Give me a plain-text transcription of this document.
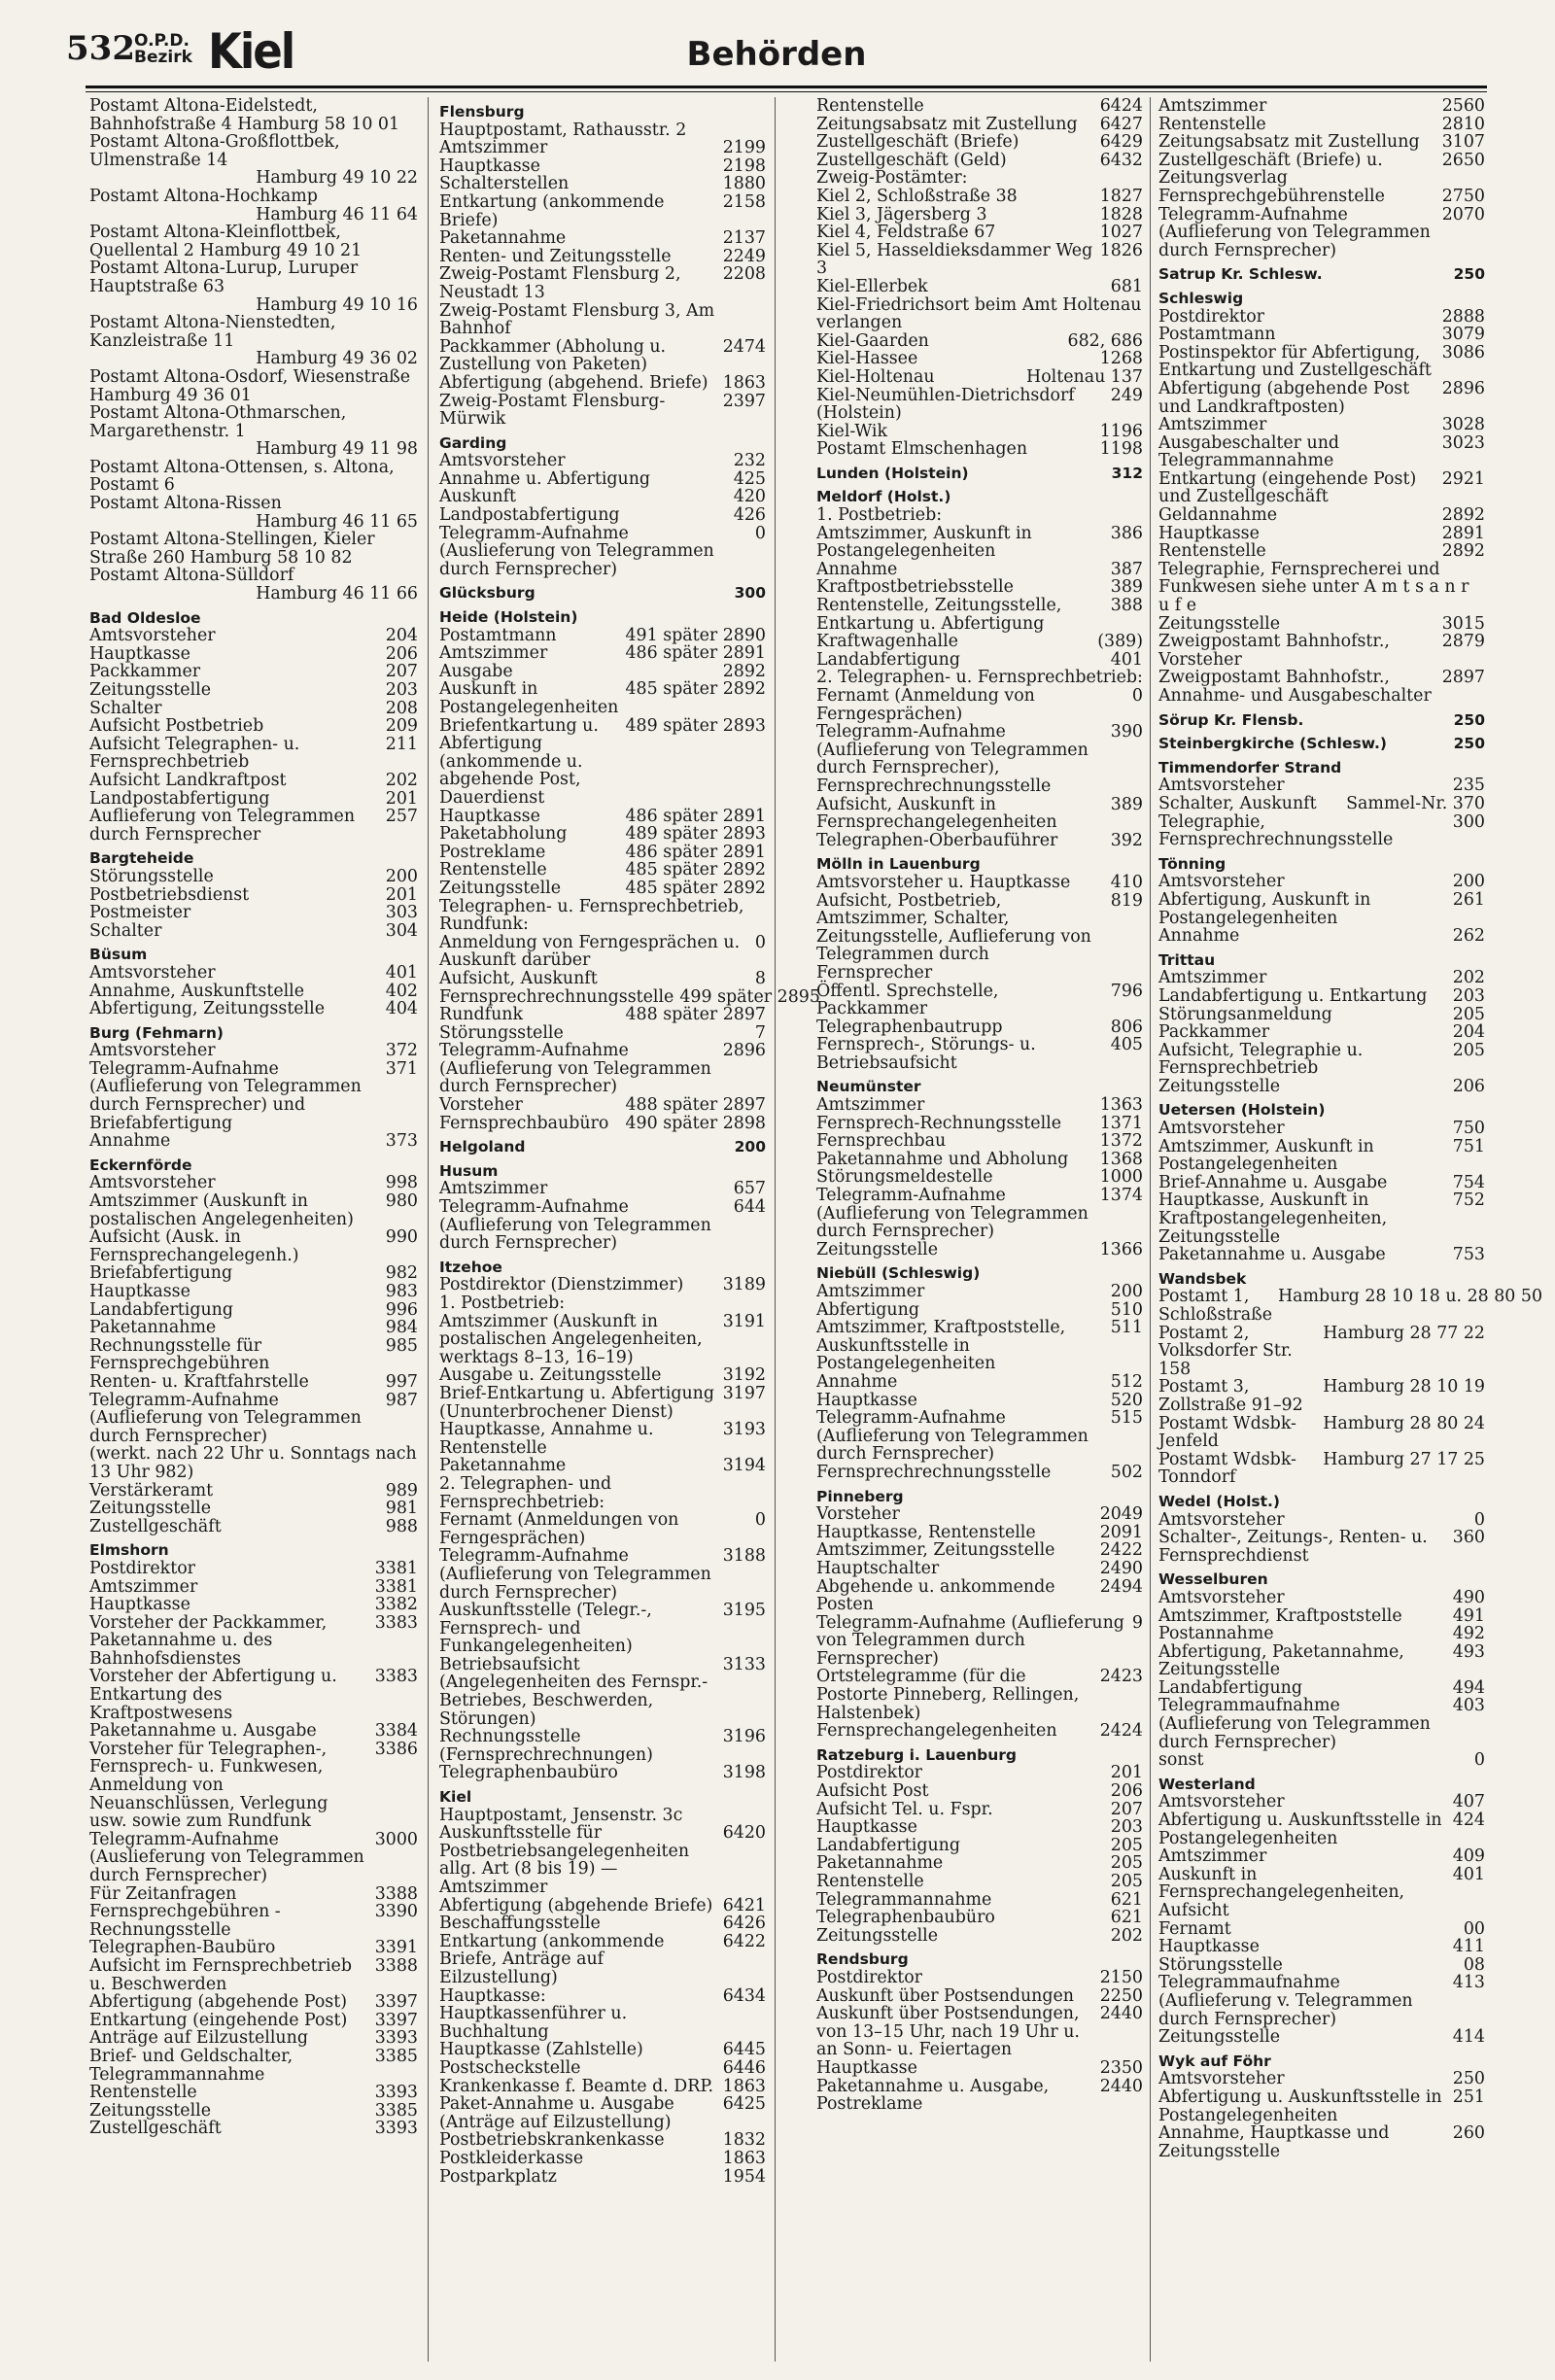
532 O.P.D.
Bezirk Kiel	Behörden
Postamt Altona-Eidelstedt, Bahnhofstraße 4 Hamburg 58 10 01
Postamt Altona-Großflottbek, Ulmenstraße 14
Hamburg 49 10 22
Postamt Altona-Hochkamp
Hamburg 46 11 64
Postamt Altona-Kleinflottbek, Quellental 2 Hamburg 49 10 21
Postamt Altona-Lurup, Luruper Hauptstraße 63
Hamburg 49 10 16
Postamt Altona-Nienstedten, Kanzleistraße 11
Hamburg 49 36 02
Postamt Altona-Osdorf, Wiesenstraße Hamburg 49 36 01
Postamt Altona-Othmarschen, Margarethenstr. 1
Hamburg 49 11 98
Postamt Altona-Ottensen, s. Altona, Postamt 6
Postamt Altona-Rissen
Hamburg 46 11 65
Postamt Altona-Stellingen, Kieler Straße 260 Hamburg 58 10 82
Postamt Altona-Sülldorf
Hamburg 46 11 66
Bad Oldesloe
Amtsvorsteher	204
Hauptkasse	206
Packkammer	207
Zeitungsstelle	203
Schalter	208
Aufsicht Postbetrieb	209
Aufsicht Telegraphen- u. Fernsprechbetrieb
211
Aufsicht Landkraftpost	202
Landpostabfertigung	201
Auflieferung von Telegrammen durch Fernsprecher
257
Bargteheide
Störungsstelle	200
Postbetriebsdienst	201
Postmeister	303
Schalter	304
Büsum
Amtsvorsteher	401
Annahme, Auskunftstelle	402
Abfertigung, Zeitungsstelle	404
Burg (Fehmarn)
Amtsvorsteher	372
Telegramm-Aufnahme (Auflieferung von Telegrammen durch Fernsprecher) und Briefabfertigung
371
Annahme	373
Eckernförde
Amtsvorsteher	998
Amtszimmer (Auskunft in postalischen Angelegenheiten)
980
Aufsicht (Ausk. in Fernsprechangelegenh.)
990
Briefabfertigung	982
Hauptkasse	983
Landabfertigung	996
Paketannahme	984
Rechnungsstelle für Fernsprechgebühren
985
Renten- u. Kraftfahrstelle	997
Telegramm-Aufnahme (Auflieferung von Telegrammen durch Fernsprecher)
987
(werkt. nach 22 Uhr u. Sonntags nach 13 Uhr 982)
Verstärkeramt	989
Zeitungsstelle	981
Zustellgeschäft	988
Elmshorn
Postdirektor	3381
Amtszimmer	3381
Hauptkasse	3382
Vorsteher der Packkammer, Paketannahme u. des Bahnhofsdienstes
3383
Vorsteher der Abfertigung u. Entkartung des Kraftpostwesens
3383
Paketannahme u. Ausgabe	3384
Vorsteher für Telegraphen-, Fernsprech- u. Funkwesen, Anmeldung von Neuanschlüssen, Verlegung usw. sowie zum Rundfunk
3386
Telegramm-Aufnahme (Auslieferung von Telegrammen durch Fernsprecher)
3000
Für Zeitanfragen	3388
Fernsprechgebühren - Rechnungsstelle
3390
Telegraphen-Baubüro	3391
Aufsicht im Fernsprechbetrieb u. Beschwerden
3388
Abfertigung (abgehende Post)	3397
Entkartung (eingehende Post)	3397
Anträge auf Eilzustellung	3393
Brief- und Geldschalter, Telegrammannahme
3385
Rentenstelle	3393
Zeitungsstelle	3385
Zustellgeschäft	3393
Flensburg
Hauptpostamt, Rathausstr. 2
Amtszimmer	2199
Hauptkasse	2198
Schalterstellen	1880
Entkartung (ankommende Briefe)
2158
Paketannahme	2137
Renten- und Zeitungsstelle	2249
Zweig-Postamt Flensburg 2, Neustadt 13
2208
Zweig-Postamt Flensburg 3, Am Bahnhof
Packkammer (Abholung u. Zustellung von Paketen)
2474
Abfertigung (abgehend. Briefe) 1863
Zweig-Postamt Flensburg-Mürwik
2397
Garding
Amtsvorsteher	232
Annahme u. Abfertigung	425
Auskunft	420
Landpostabfertigung	426
Telegramm-Aufnahme (Auslieferung von Telegrammen durch Fernsprecher)
0
Glücksburg	300
Heide (Holstein)
Postamtmann	491 später 2890
Amtszimmer	486 später 2891
Ausgabe	2892
Auskunft in Postangelegenheiten
485 später 2892
Briefentkartung u. Abfertigung (ankommende u. abgehende Post, Dauerdienst
489 später 2893
Hauptkasse	486 später 2891
Paketabholung	489 später 2893
Postreklame	486 später 2891
Rentenstelle	485 später 2892
Zeitungsstelle	485 später 2892
Telegraphen- u. Fernsprechbetrieb, Rundfunk:
Anmeldung von Ferngesprächen u. Auskunft darüber
0
Aufsicht, Auskunft	8
Fernsprechrechnungsstelle 499 später 2895
Rundfunk	488 später 2897
Störungsstelle	7
Telegramm-Aufnahme (Auflieferung von Telegrammen durch Fernsprecher)
2896
Vorsteher	488 später 2897
Fernsprechbaubüro 490 später 2898
Helgoland	200
Husum
Amtszimmer	657
Telegramm-Aufnahme (Auflieferung von Telegrammen durch Fernsprecher)
644
Itzehoe
Postdirektor (Dienstzimmer)	3189
1. Postbetrieb:
Amtszimmer (Auskunft in postalischen Angelegenheiten, werktags 8–13, 16–19)
3191
Ausgabe u. Zeitungsstelle	3192
Brief-Entkartung u. Abfertigung (Ununterbrochener Dienst)
3197
Hauptkasse, Annahme u. Rentenstelle
3193
Paketannahme	3194
2. Telegraphen- und Fernsprechbetrieb:
Fernamt (Anmeldungen von Ferngesprächen)
0
Telegramm-Aufnahme (Auflieferung von Telegrammen durch Fernsprecher)
3188
Auskunftsstelle (Telegr.-, Fernsprech- und Funkangelegenheiten)
3195
Betriebsaufsicht (Angelegenheiten des Fernspr.-Betriebes, Beschwerden, Störungen)
3133
Rechnungsstelle (Fernsprechrechnungen)
3196
Telegraphenbaubüro	3198
Kiel
Hauptpostamt, Jensenstr. 3c
Auskunftsstelle für Postbetriebsangelegenheiten allg. Art (8 bis 19) — Amtszimmer
6420
Abfertigung (abgehende Briefe) 6421
Beschaffungsstelle	6426
Entkartung (ankommende Briefe, Anträge auf Eilzustellung)
6422
Hauptkasse: Hauptkassenführer u. Buchhaltung
6434
Hauptkasse (Zahlstelle)	6445
Postscheckstelle	6446
Krankenkasse f. Beamte d. DRP. 1863
Paket-Annahme u. Ausgabe (Anträge auf Eilzustellung)
6425
Postbetriebskrankenkasse	1832
Postkleiderkasse	1863
Postparkplatz	1954
Rentenstelle	6424
Zeitungsabsatz mit Zustellung	6427
Zustellgeschäft (Briefe)	6429
Zustellgeschäft (Geld)	6432
Zweig-Postämter:
Kiel 2, Schloßstraße 38	1827
Kiel 3, Jägersberg 3	1828
Kiel 4, Feldstraße 67	1027
Kiel 5, Hasseldieksdammer Weg 3
1826
Kiel-Ellerbek	681
Kiel-Friedrichsort beim Amt Holtenau verlangen
Kiel-Gaarden	682, 686
Kiel-Hassee	1268
Kiel-Holtenau	Holtenau 137
Kiel-Neumühlen-Dietrichsdorf (Holstein)
249
Kiel-Wik	1196
Postamt Elmschenhagen	1198
Lunden (Holstein)	312
Meldorf (Holst.)
1. Postbetrieb:
Amtszimmer, Auskunft in Postangelegenheiten
386
Annahme	387
Kraftpostbetriebsstelle	389
Rentenstelle, Zeitungsstelle, Entkartung u. Abfertigung
388
Kraftwagenhalle	(389)
Landabfertigung	401
2. Telegraphen- u. Fernsprechbetrieb:
Fernamt (Anmeldung von Ferngesprächen)
0
Telegramm-Aufnahme (Auflieferung von Telegrammen durch Fernsprecher), Fernsprechrechnungsstelle
390
Aufsicht, Auskunft in Fernsprechangelegenheiten
389
Telegraphen-Oberbauführer	392
Mölln in Lauenburg
Amtsvorsteher u. Hauptkasse	410
Aufsicht, Postbetrieb, Amtszimmer, Schalter, Zeitungsstelle, Auflieferung von Telegrammen durch Fernsprecher
819
Öffentl. Sprechstelle, Packkammer
796
Telegraphenbautrupp	806
Fernsprech-, Störungs- u. Betriebsaufsicht
405
Neumünster
Amtszimmer	1363
Fernsprech-Rechnungsstelle	1371
Fernsprechbau	1372
Paketannahme und Abholung	1368
Störungsmeldestelle	1000
Telegramm-Aufnahme (Auflieferung von Telegrammen durch Fernsprecher)
1374
Zeitungsstelle	1366
Niebüll (Schleswig)
Amtszimmer	200
Abfertigung	510
Amtszimmer, Kraftpoststelle, Auskunftsstelle in Postangelegenheiten
511
Annahme	512
Hauptkasse	520
Telegramm-Aufnahme (Auflieferung von Telegrammen durch Fernsprecher)
515
Fernsprechrechnungsstelle	502
Pinneberg
Vorsteher	2049
Hauptkasse, Rentenstelle	2091
Amtszimmer, Zeitungsstelle	2422
Hauptschalter	2490
Abgehende u. ankommende Posten
2494
Telegramm-Aufnahme (Auflieferung von Telegrammen durch Fernsprecher)
9
Ortstelegramme (für die Postorte Pinneberg, Rellingen, Halstenbek)
2423
Fernsprechangelegenheiten	2424
Ratzeburg i. Lauenburg
Postdirektor	201
Aufsicht Post	206
Aufsicht Tel. u. Fspr.	207
Hauptkasse	203
Landabfertigung	205
Paketannahme	205
Rentenstelle	205
Telegrammannahme	621
Telegraphenbaubüro	621
Zeitungsstelle	202
Rendsburg
Postdirektor	2150
Auskunft über Postsendungen	2250
Auskunft über Postsendungen, von 13–15 Uhr, nach 19 Uhr u. an Sonn- u. Feiertagen
2440
Hauptkasse	2350
Paketannahme u. Ausgabe, Postreklame
2440
Amtszimmer	2560
Rentenstelle	2810
Zeitungsabsatz mit Zustellung	3107
Zustellgeschäft (Briefe) u. Zeitungsverlag
2650
Fernsprechgebührenstelle	2750
Telegramm-Aufnahme (Auflieferung von Telegrammen durch Fernsprecher)
2070
Satrup Kr. Schlesw.	250
Schleswig
Postdirektor	2888
Postamtmann	3079
Postinspektor für Abfertigung, Entkartung und Zustellgeschäft
3086
Abfertigung (abgehende Post und Landkraftposten)
2896
Amtszimmer	3028
Ausgabeschalter und Telegrammannahme
3023
Entkartung (eingehende Post) und Zustellgeschäft
2921
Geldannahme	2892
Hauptkasse	2891
Rentenstelle	2892
Telegraphie, Fernsprecherei und Funkwesen siehe unter A m t s a n r u f e
Zeitungsstelle	3015
Zweigpostamt Bahnhofstr., Vorsteher
2879
Zweigpostamt Bahnhofstr., Annahme- und Ausgabeschalter
2897
Sörup Kr. Flensb.	250
Steinbergkirche (Schlesw.)	250
Timmendorfer Strand
Amtsvorsteher	235
Schalter, Auskunft	Sammel-Nr. 370
Telegraphie, Fernsprechrechnungsstelle
300
Tönning
Amtsvorsteher	200
Abfertigung, Auskunft in Postangelegenheiten
261
Annahme	262
Trittau
Amtszimmer	202
Landabfertigung u. Entkartung	203
Störungsanmeldung	205
Packkammer	204
Aufsicht, Telegraphie u. Fernsprechbetrieb
205
Zeitungsstelle	206
Uetersen (Holstein)
Amtsvorsteher	750
Amtszimmer, Auskunft in Postangelegenheiten
751
Brief-Annahme u. Ausgabe	754
Hauptkasse, Auskunft in Kraftpostangelegenheiten, Zeitungsstelle
752
Paketannahme u. Ausgabe	753
Wandsbek
Postamt 1, Schloßstraße
Hamburg 28 10 18 u. 28 80 50
Postamt 2, Volksdorfer Str. 158
Hamburg 28 77 22
Postamt 3, Zollstraße 91–92
Hamburg 28 10 19
Postamt Wdsbk-Jenfeld
Hamburg 28 80 24
Postamt Wdsbk-Tonndorf
Hamburg 27 17 25
Wedel (Holst.)
Amtsvorsteher	0
Schalter-, Zeitungs-, Renten- u. Fernsprechdienst
360
Wesselburen
Amtsvorsteher	490
Amtszimmer, Kraftpoststelle	491
Postannahme	492
Abfertigung, Paketannahme, Zeitungsstelle
493
Landabfertigung	494
Telegrammaufnahme (Auflieferung von Telegrammen durch Fernsprecher)
403
sonst	0
Westerland
Amtsvorsteher	407
Abfertigung u. Auskunftsstelle in Postangelegenheiten
424
Amtszimmer	409
Auskunft in Fernsprechangelegenheiten, Aufsicht
401
Fernamt	00
Hauptkasse	411
Störungsstelle	08
Telegrammaufnahme (Auflieferung v. Telegrammen durch Fernsprecher)
413
Zeitungsstelle	414
Wyk auf Föhr
Amtsvorsteher	250
Abfertigung u. Auskunftsstelle in Postangelegenheiten
251
Annahme, Hauptkasse und Zeitungsstelle
260
